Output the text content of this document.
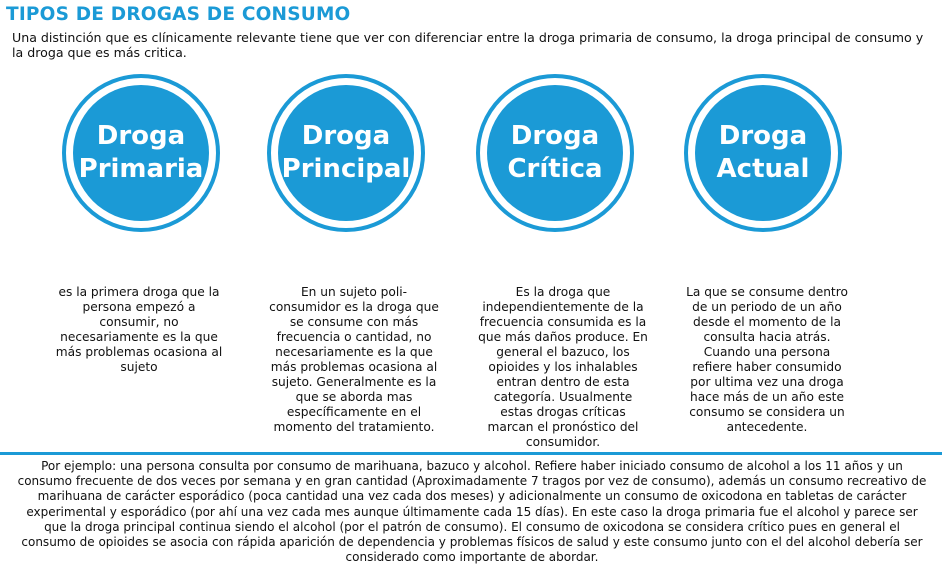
TIPOS DE DROGAS DE CONSUMO

Una distinción que es clínicamente relevante tiene que ver con diferenciar entre la droga primaria de consumo, la droga principal de consumo y la droga que es más critica.

Droga
Primaria
Droga
Principal
Droga
Crítica
Droga
Actual

es la primera droga que la persona empezó a consumir, no necesariamente es la que más problemas ocasiona al sujeto

En un sujeto poli-consumidor es la droga que se consume con más frecuencia o cantidad, no necesariamente es la que más problemas ocasiona al sujeto. Generalmente es la que se aborda mas específicamente en el momento del tratamiento.

Es la droga que independientemente de la frecuencia consumida es la que más daños produce. En general el bazuco, los opioides y los inhalables entran dentro de esta categoría. Usualmente estas drogas críticas marcan el pronóstico del consumidor.

La que se consume dentro de un periodo de un año desde el momento de la consulta hacia atrás. Cuando una persona refiere haber consumido por ultima vez una droga hace más de un año este consumo se considera un antecedente.

Por ejemplo: una persona consulta por consumo de marihuana, bazuco y alcohol. Refiere haber iniciado consumo de alcohol a los 11 años y un consumo frecuente de dos veces por semana y en gran cantidad (Aproximadamente 7 tragos por vez de consumo), además un consumo recreativo de marihuana de carácter esporádico (poca cantidad una vez cada dos meses) y adicionalmente un consumo de oxicodona en tabletas de carácter experimental y esporádico (por ahí una vez cada mes aunque últimamente cada 15 días). En este caso la droga primaria fue el alcohol y parece ser que la droga principal continua siendo el alcohol (por el patrón de consumo). El consumo de oxicodona se considera crítico pues en general el consumo de opioides se asocia con rápida aparición de dependencia y problemas físicos de salud y este consumo junto con el del alcohol debería ser considerado como importante de abordar.
